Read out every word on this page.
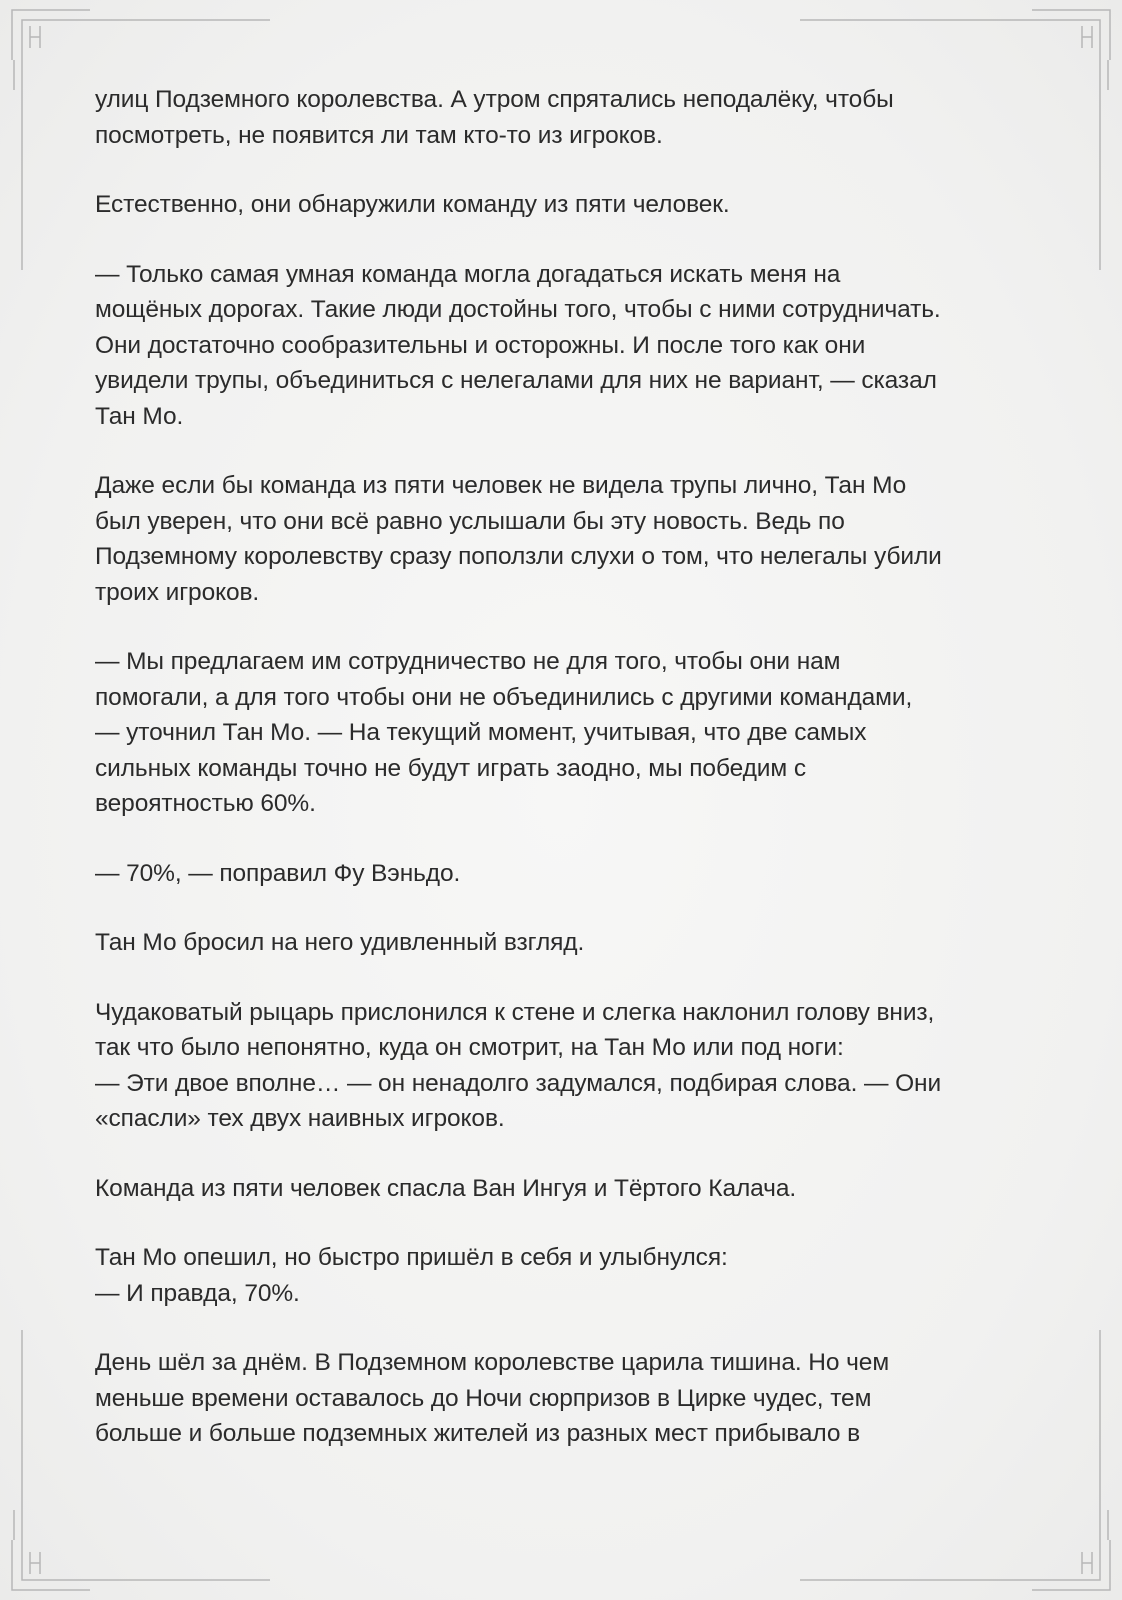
улиц Подземного королевства. А утром спрятались неподалёку, чтобы
посмотреть, не появится ли там кто-то из игроков.

Естественно, они обнаружили команду из пяти человек.

— Только самая умная команда могла догадаться искать меня на
мощёных дорогах. Такие люди достойны того, чтобы с ними сотрудничать.
Они достаточно сообразительны и осторожны. И после того как они
увидели трупы, объединиться с нелегалами для них не вариант, — сказал
Тан Мо.

Даже если бы команда из пяти человек не видела трупы лично, Тан Мо
был уверен, что они всё равно услышали бы эту новость. Ведь по
Подземному королевству сразу поползли слухи о том, что нелегалы убили
троих игроков.

— Мы предлагаем им сотрудничество не для того, чтобы они нам
помогали, а для того чтобы они не объединились с другими командами,
— уточнил Тан Мо. — На текущий момент, учитывая, что две самых
сильных команды точно не будут играть заодно, мы победим с
вероятностью 60%.

— 70%, — поправил Фу Вэньдо.

Тан Мо бросил на него удивленный взгляд.

Чудаковатый рыцарь прислонился к стене и слегка наклонил голову вниз,
так что было непонятно, куда он смотрит, на Тан Мо или под ноги:
— Эти двое вполне… — он ненадолго задумался, подбирая слова. — Они
«спасли» тех двух наивных игроков.

Команда из пяти человек спасла Ван Ингуя и Тёртого Калача.

Тан Мо опешил, но быстро пришёл в себя и улыбнулся:
— И правда, 70%.

День шёл за днём. В Подземном королевстве царила тишина. Но чем
меньше времени оставалось до Ночи сюрпризов в Цирке чудес, тем
больше и больше подземных жителей из разных мест прибывало в
